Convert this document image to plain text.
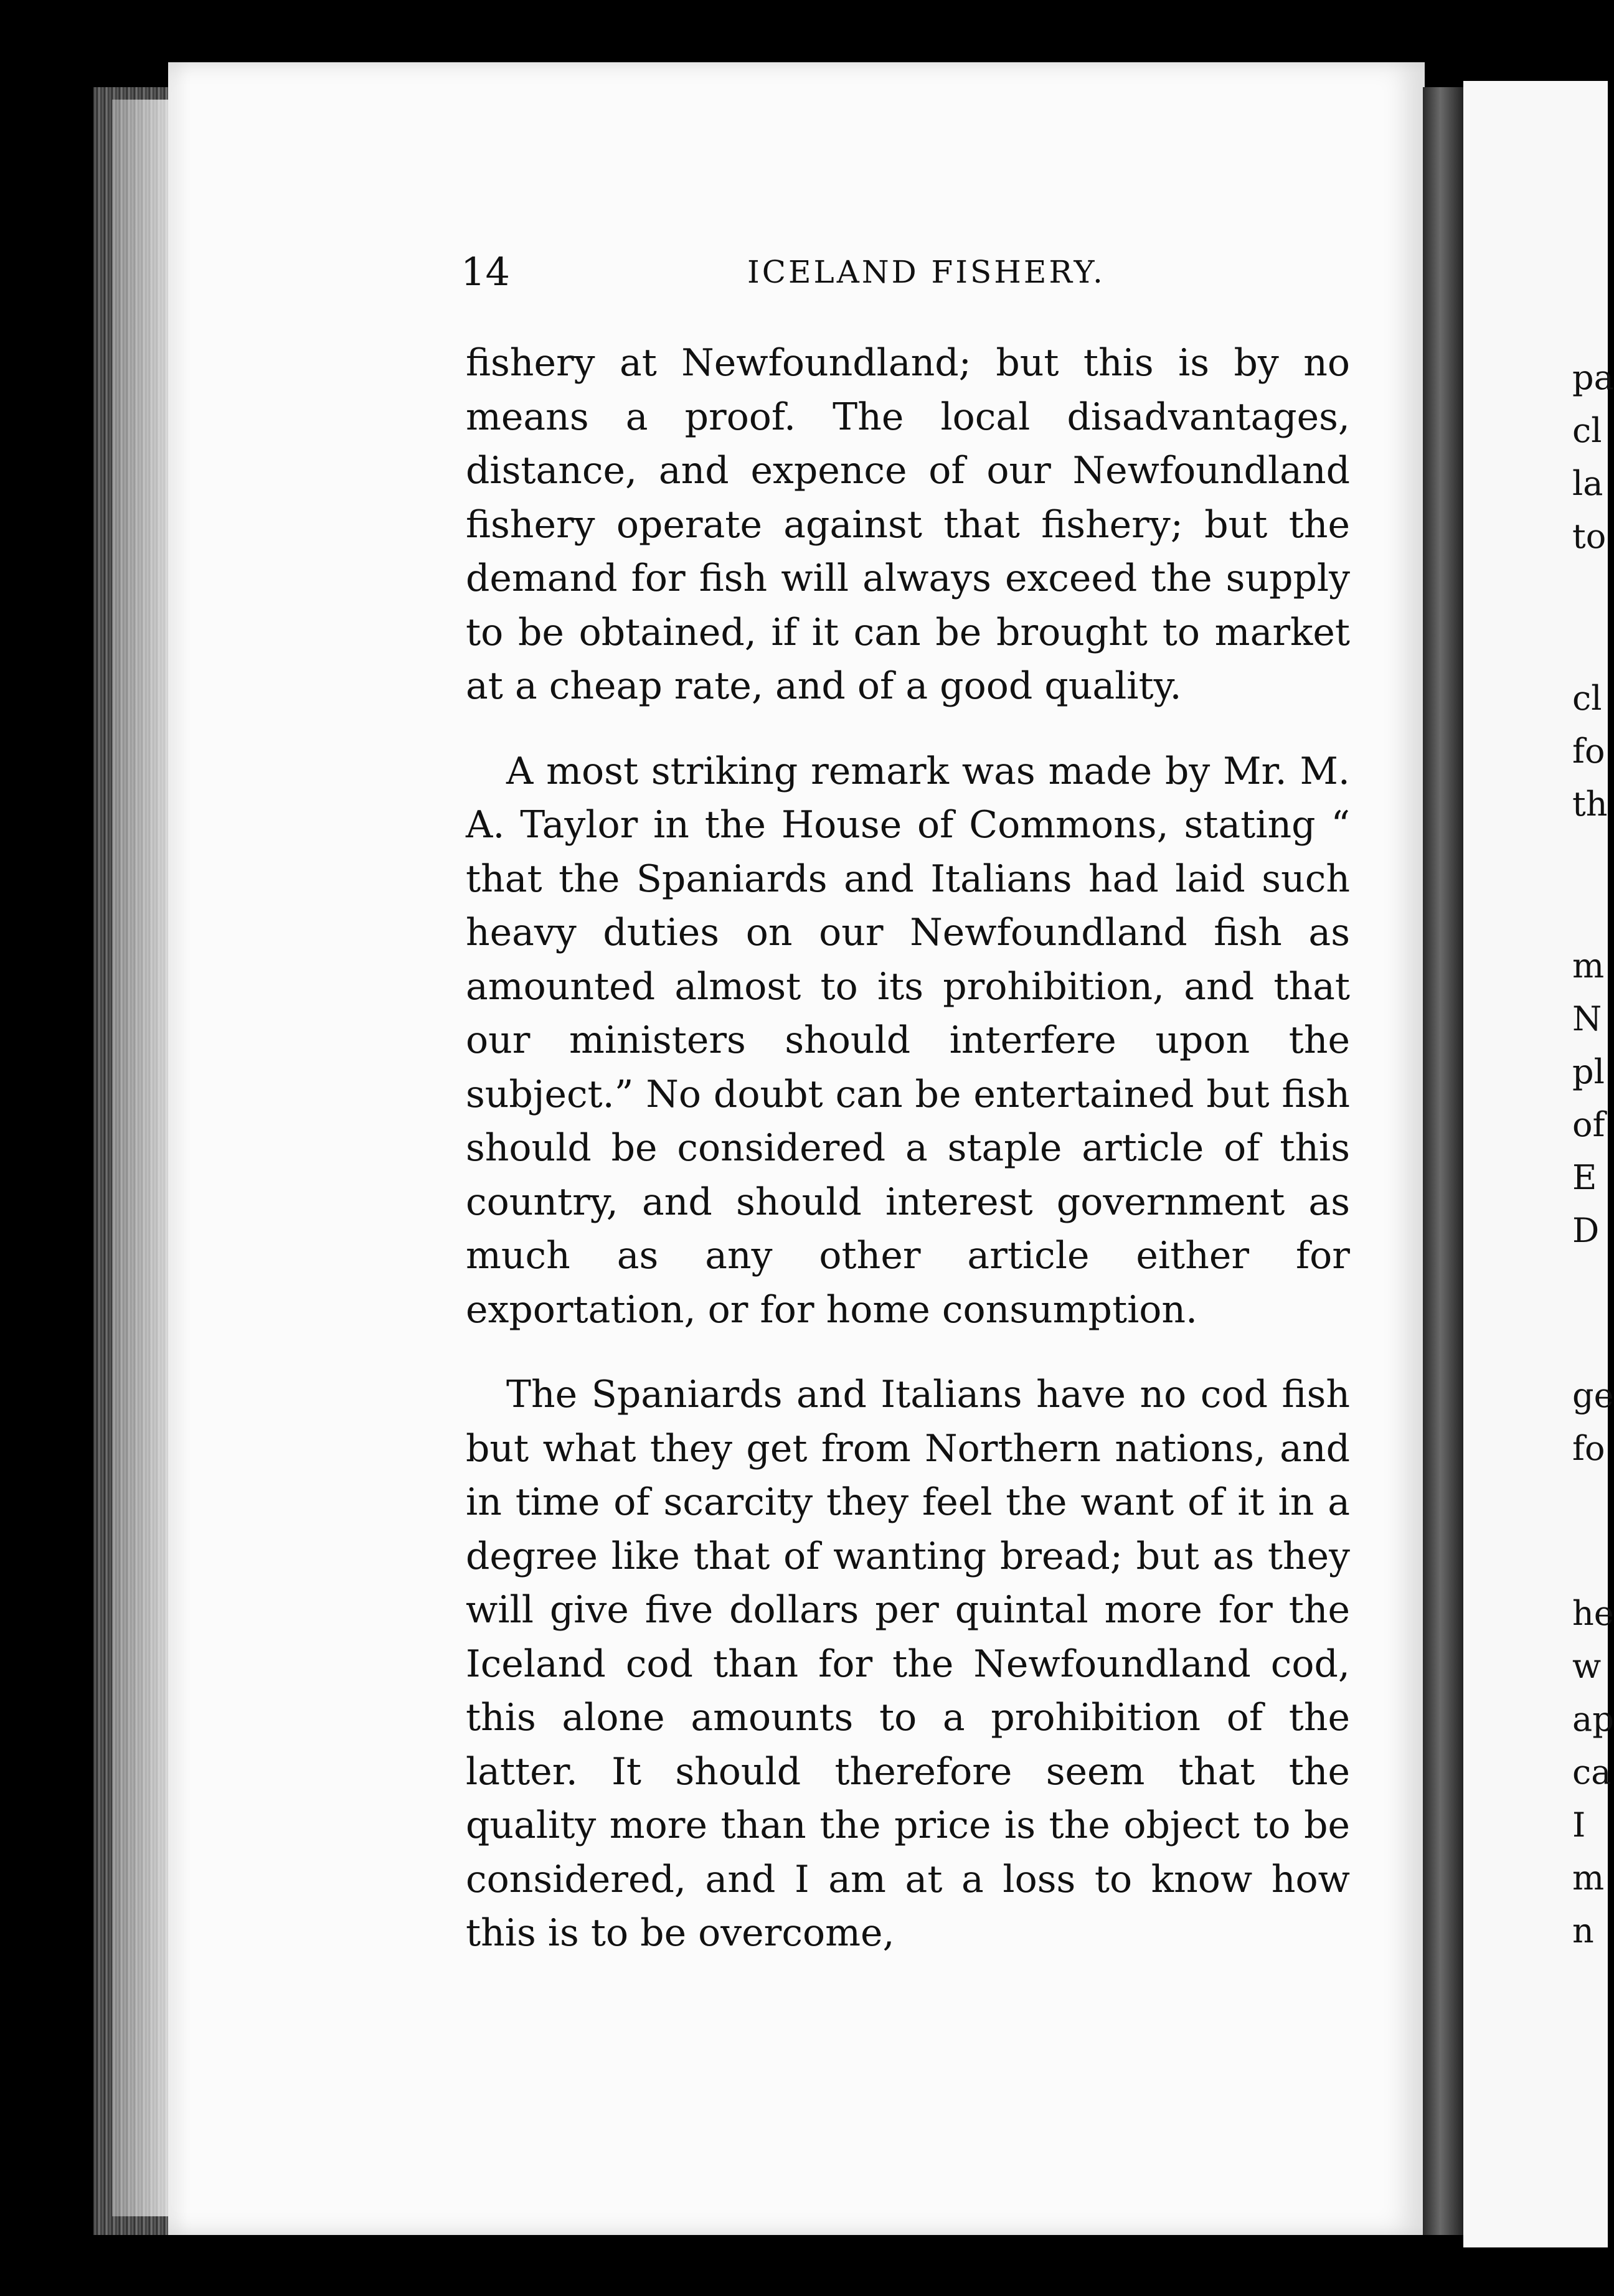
pa
cl
la
to
cl
fo
th
m
N
pl
of
E
D
ge
fo
he
w
ap
ca
I
m
n
14	ICELAND FISHERY.

fishery at Newfoundland; but this is by no means a proof. The local disadvantages, distance, and expence of our Newfoundland fishery operate against that fishery; but the demand for fish will always exceed the supply to be obtained, if it can be brought to market at a cheap rate, and of a good quality.

A most striking remark was made by Mr. M. A. Taylor in the House of Commons, stating “ that the Spaniards and Italians had laid such heavy duties on our Newfoundland fish as amounted almost to its prohibition, and that our ministers should interfere upon the subject.” No doubt can be entertained but fish should be considered a staple article of this country, and should interest government as much as any other article either for exportation, or for home consumption.

The Spaniards and Italians have no cod fish but what they get from Northern nations, and in time of scarcity they feel the want of it in a degree like that of wanting bread; but as they will give five dollars per quintal more for the Iceland cod than for the Newfoundland cod, this alone amounts to a prohibition of the latter. It should therefore seem that the quality more than the price is the object to be considered, and I am at a loss to know how this is to be overcome,
